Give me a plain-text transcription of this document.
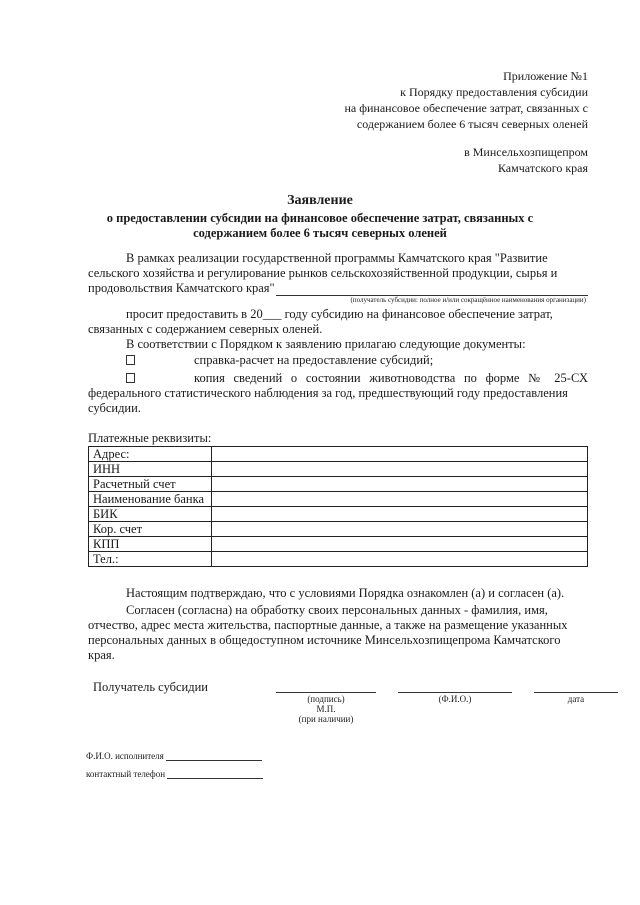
Приложение №1
к Порядку предоставления субсидии
на финансовое обеспечение затрат, связанных с
содержанием более 6 тысяч северных оленей
в Минсельхозпищепром
Камчатского края
Заявление
о предоставлении субсидии на финансовое обеспечение затрат, связанных с
содержанием более 6 тысяч северных оленей
В рамках реализации государственной программы Камчатского края "Развитие
сельского хозяйства и регулирование рынков сельскохозяйственной продукции, сырья и
продовольствия Камчатского края"
(получатель субсидии: полное и/или сокращённое наименования организации)
просит предоставить в 20___ году субсидию на финансовое обеспечение затрат,
связанных с содержанием северных оленей.
В соответствии с Порядком к заявлению прилагаю следующие документы:
справка-расчет на предоставление субсидий;
копия сведений о состоянии животноводства по форме № 25-СХ
федерального статистического наблюдения за год, предшествующий году предоставления
субсидии.
Платежные реквизиты:
Адрес:	
ИНН	
Расчетный счет	
Наименование банка	
БИК	
Кор. счет	
КПП	
Тел.:	
Настоящим подтверждаю, что с условиями Порядка ознакомлен (а) и согласен (а).
Согласен (согласна) на обработку своих персональных данных - фамилия, имя,
отчество, адрес места жительства, паспортные данные, а также на размещение указанных
персональных данных в общедоступном источнике Минсельхозпищепрома Камчатского
края.
Получатель субсидии
(подпись)
М.П.
(при наличии)
(Ф.И.О.)	дата
Ф.И.О. исполнителя
контактный телефон
